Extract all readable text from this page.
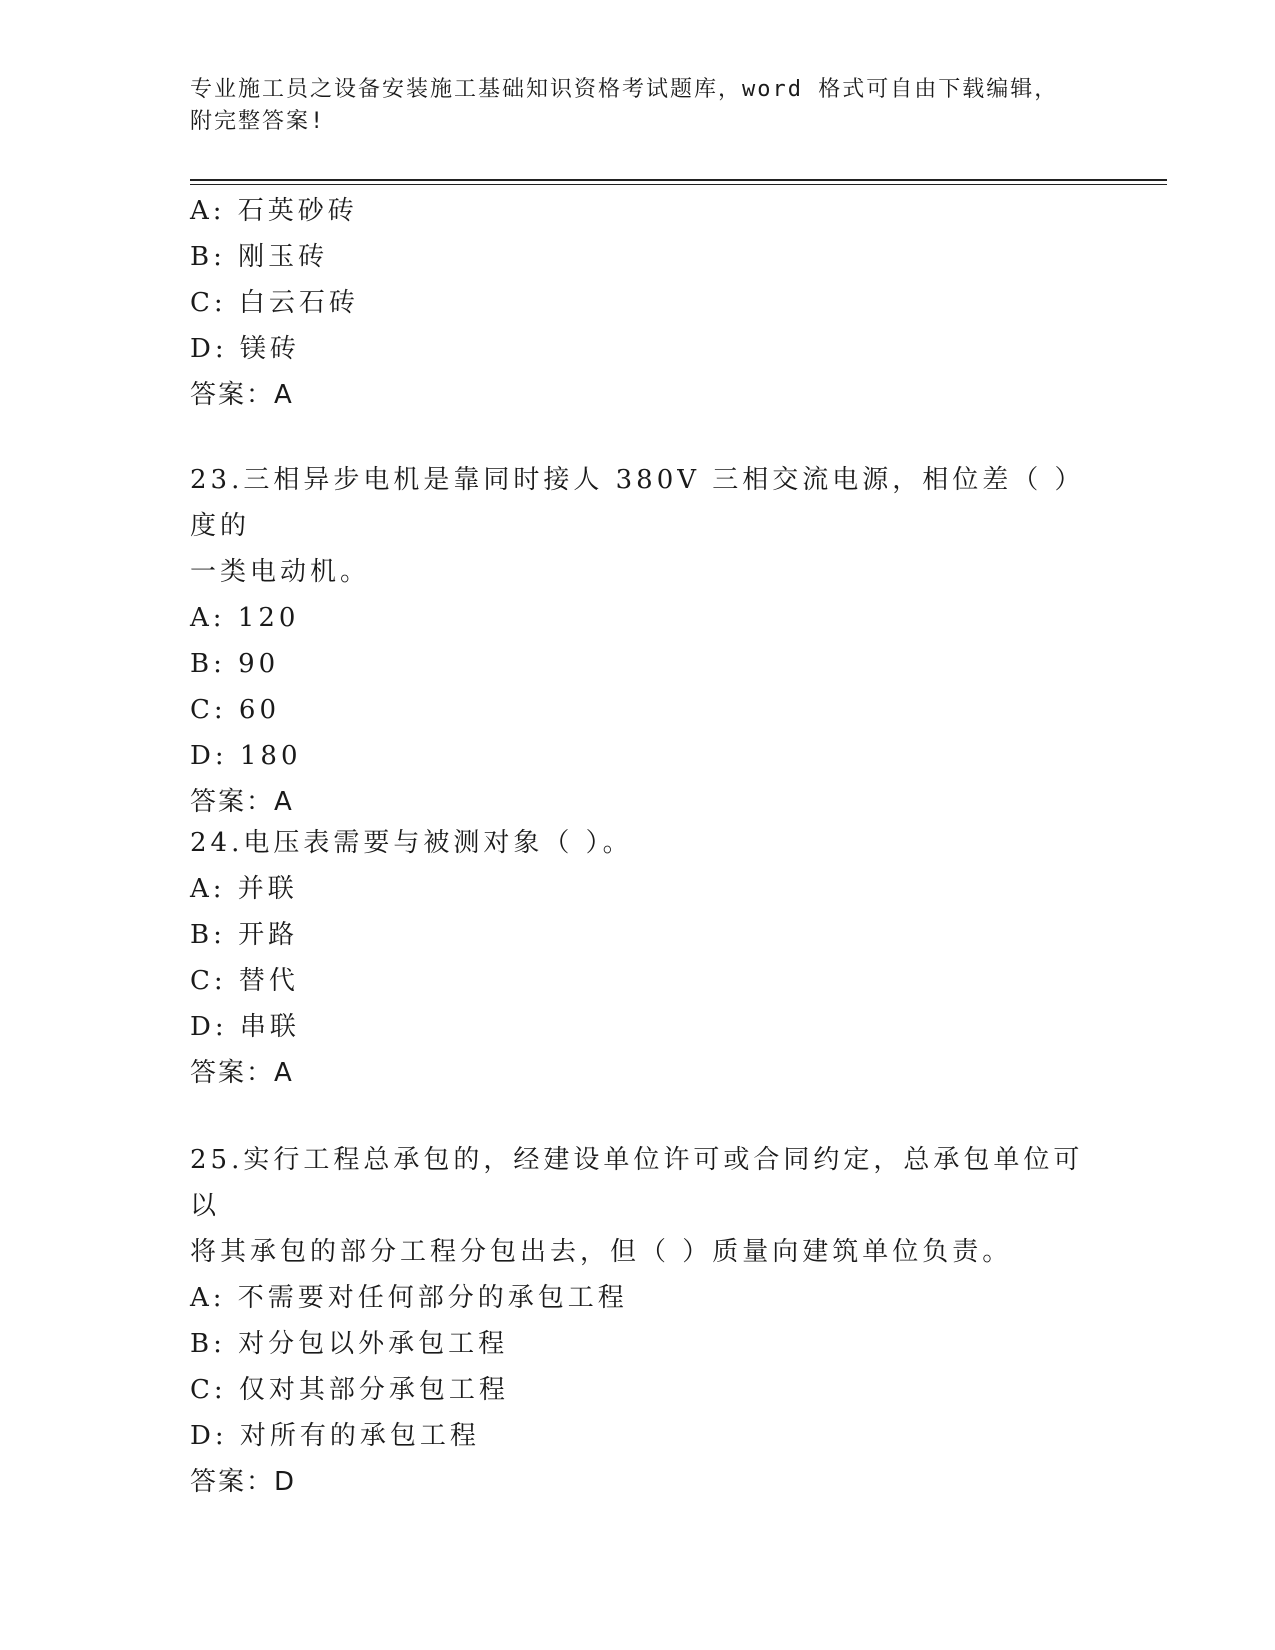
专业施工员之设备安装施工基础知识资格考试题库，word 格式可自由下载编辑，
附完整答案!
A: 石英砂砖
B: 刚玉砖
C: 白云石砖
D: 镁砖
答案：A
23.三相异步电机是靠同时接人 380V 三相交流电源，相位差（ ）度的
一类电动机。
A: 120
B: 90
C: 60
D: 180
答案：A
24.电压表需要与被测对象（ ）。
A: 并联
B: 开路
C: 替代
D: 串联
答案：A
25.实行工程总承包的，经建设单位许可或合同约定，总承包单位可以
将其承包的部分工程分包出去，但（ ）质量向建筑单位负责。
A: 不需要对任何部分的承包工程
B: 对分包以外承包工程
C: 仅对其部分承包工程
D: 对所有的承包工程
答案：D
